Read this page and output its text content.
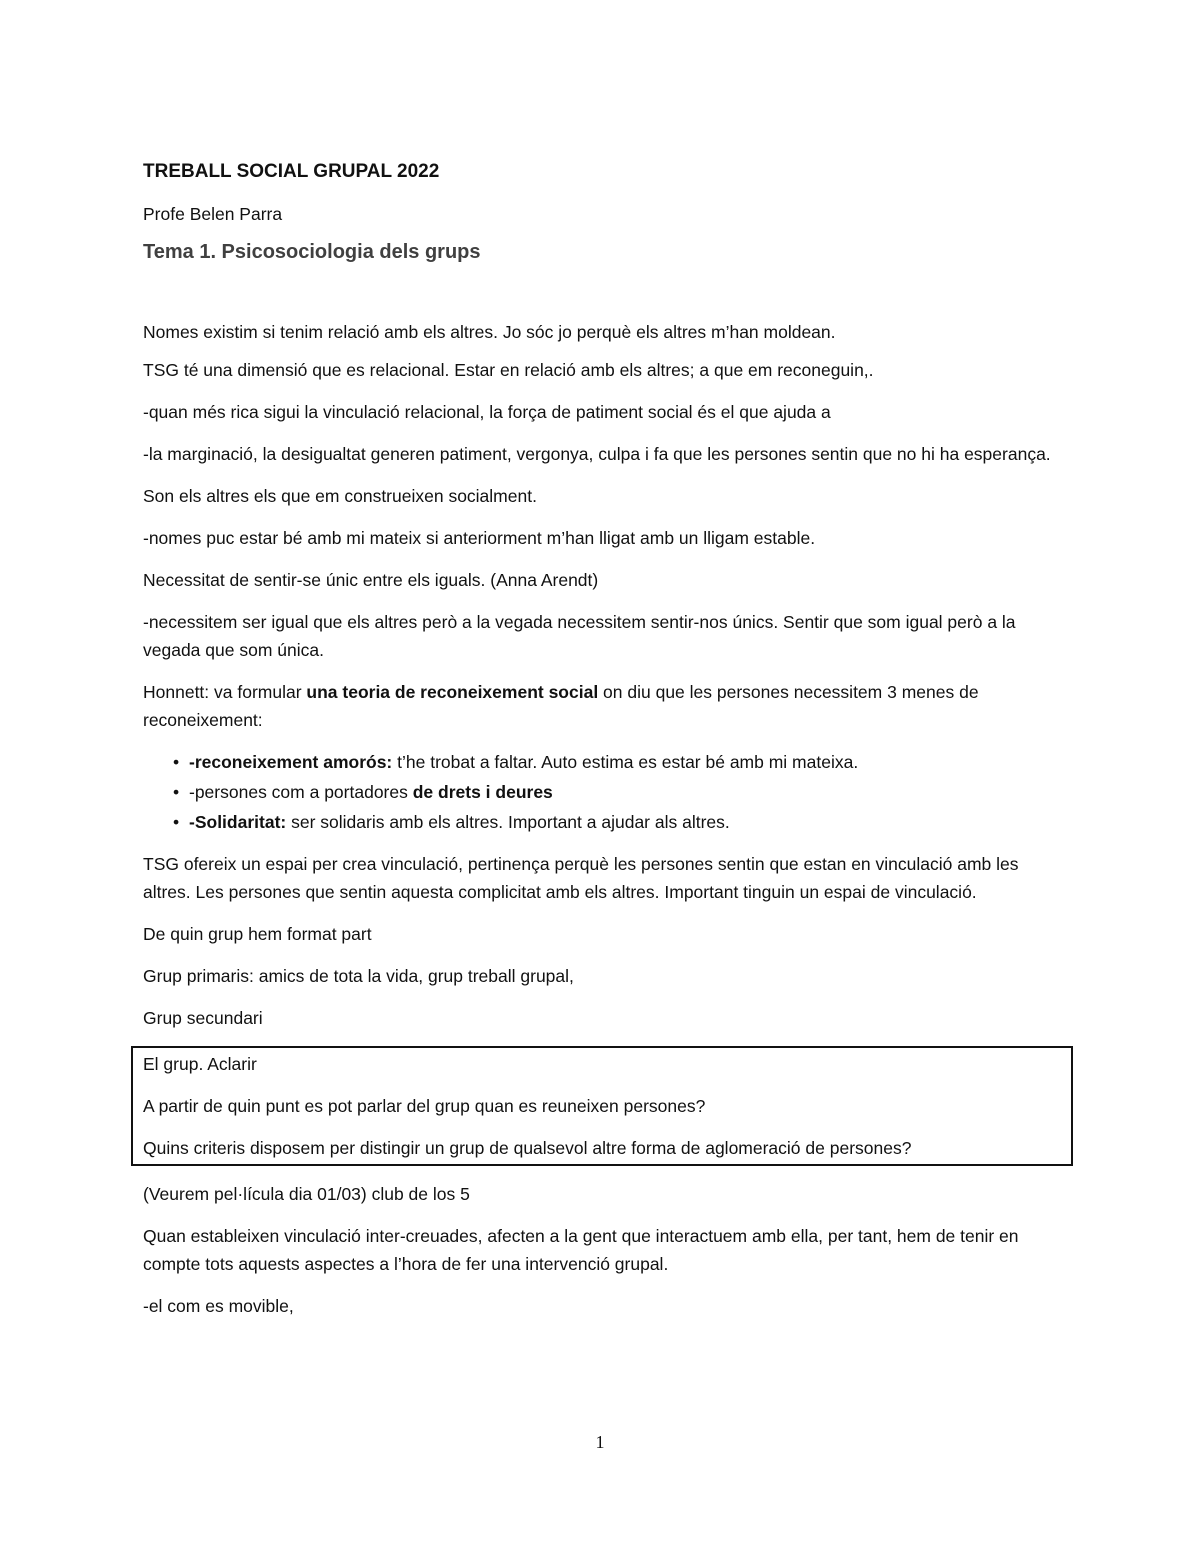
TREBALL SOCIAL GRUPAL 2022
Profe Belen Parra
Tema 1. Psicosociologia dels grups

Nomes existim si tenim relació amb els altres. Jo sóc jo perquè els altres m’han moldean.

TSG té una dimensió que es relacional. Estar en relació amb els altres; a que em reconeguin,.

-quan més rica sigui la vinculació relacional, la força de patiment social és el que ajuda a

-la marginació, la desigualtat generen patiment, vergonya, culpa i fa que les persones sentin que no hi ha esperança.

Son els altres els que em construeixen socialment.

-nomes puc estar bé amb mi mateix si anteriorment m’han lligat amb un lligam estable.

Necessitat de sentir-se únic entre els iguals. (Anna Arendt)

-necessitem ser igual que els altres però a la vegada necessitem sentir-nos únics. Sentir que som igual però a la vegada que som única.

Honnett: va formular una teoria de reconeixement social on diu que les persones necessitem 3 menes de reconeixement:

• -reconeixement amorós: t’he trobat a faltar. Auto estima es estar bé amb mi mateixa.
• -persones com a portadores de drets i deures
• -Solidaritat: ser solidaris amb els altres. Important a ajudar als altres.

TSG ofereix un espai per crea vinculació, pertinença perquè les persones sentin que estan en vinculació amb les altres. Les persones que sentin aquesta complicitat amb els altres. Important tinguin un espai de vinculació.

De quin grup hem format part

Grup primaris: amics de tota la vida, grup treball grupal,

Grup secundari

El grup. Aclarir

A partir de quin punt es pot parlar del grup quan es reuneixen persones?

Quins criteris disposem per distingir un grup de qualsevol altre forma de aglomeració de persones?

(Veurem pel·lícula dia 01/03) club de los 5

Quan estableixen vinculació inter-creuades, afecten a la gent que interactuem amb ella, per tant, hem de tenir en compte tots aquests aspectes a l’hora de fer una intervenció grupal.

-el com es movible,

1
